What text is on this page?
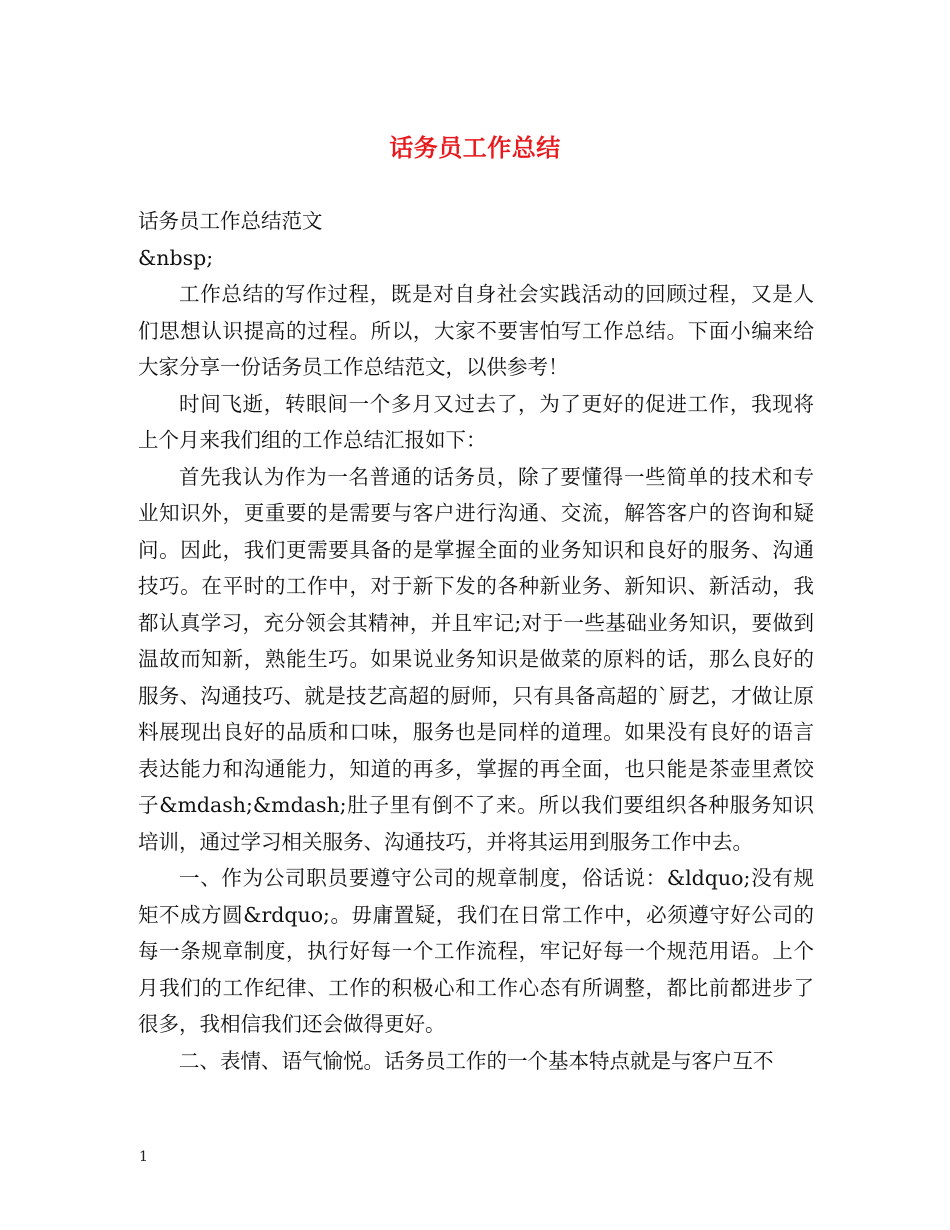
话务员工作总结

话务员工作总结范文

&nbsp;

工作总结的写作过程，既是对自身社会实践活动的回顾过程，又是人们思想认识提高的过程。所以，大家不要害怕写工作总结。下面小编来给大家分享一份话务员工作总结范文，以供参考！

时间飞逝，转眼间一个多月又过去了，为了更好的促进工作，我现将上个月来我们组的工作总结汇报如下：

首先我认为作为一名普通的话务员，除了要懂得一些简单的技术和专业知识外，更重要的是需要与客户进行沟通、交流，解答客户的咨询和疑问。因此，我们更需要具备的是掌握全面的业务知识和良好的服务、沟通技巧。在平时的工作中，对于新下发的各种新业务、新知识、新活动，我都认真学习，充分领会其精神，并且牢记;对于一些基础业务知识，要做到温故而知新，熟能生巧。如果说业务知识是做菜的原料的话，那么良好的服务、沟通技巧、就是技艺高超的厨师，只有具备高超的`厨艺，才做让原料展现出良好的品质和口味，服务也是同样的道理。如果没有良好的语言表达能力和沟通能力，知道的再多，掌握的再全面，也只能是茶壶里煮饺子&mdash;&mdash;肚子里有倒不了来。所以我们要组织各种服务知识培训，通过学习相关服务、沟通技巧，并将其运用到服务工作中去。

一、作为公司职员要遵守公司的规章制度，俗话说：&ldquo;没有规矩不成方圆&rdquo;。毋庸置疑，我们在日常工作中，必须遵守好公司的每一条规章制度，执行好每一个工作流程，牢记好每一个规范用语。上个月我们的工作纪律、工作的积极心和工作心态有所调整，都比前都进步了很多，我相信我们还会做得更好。

二、表情、语气愉悦。话务员工作的一个基本特点就是与客户互不

1
